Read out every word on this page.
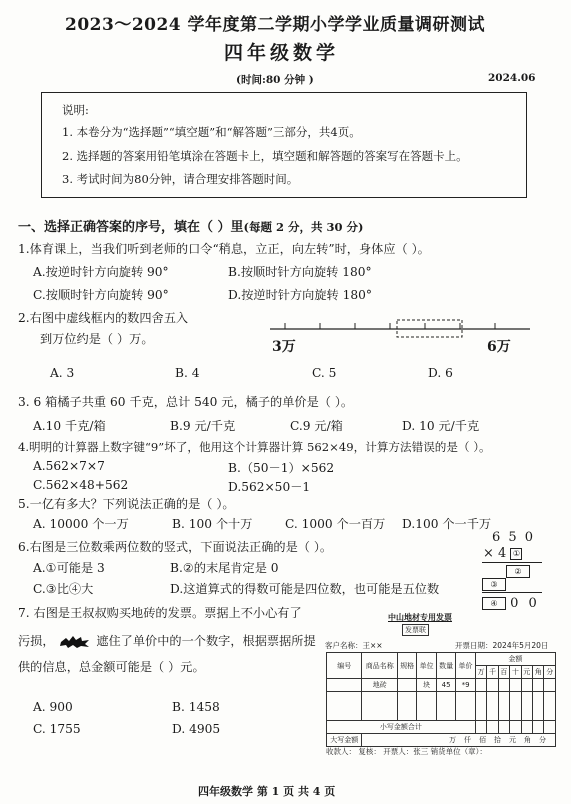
2023～2024 学年度第二学期小学学业质量调研测试
四年级数学
(时间:80 分钟 )	2024.06
说明:
1. 本卷分为“选择题”“填空题”和“解答题”三部分，共4页。
2. 选择题的答案用铅笔填涂在答题卡上，填空题和解答题的答案写在答题卡上。
3. 考试时间为80分钟，请合理安排答题时间。
一、选择正确答案的序号，填在（ ）里(每题 2 分，共 30 分)
1.体育课上，当我们听到老师的口令“稍息，立正，向左转”时，身体应（ ）。
A.按逆时针方向旋转 90°	B.按顺时针方向旋转 180°
C.按顺时针方向旋转 90°	D.按逆时针方向旋转 180°
2.右图中虚线框内的数四舍五入
到万位约是（ ）万。	3万	6万
A. 3	B. 4	C. 5	D. 6
3. 6 箱橘子共重 60 千克，总计 540 元，橘子的单价是（ ）。
A.10 千克/箱	B.9 元/千克	C.9 元/箱	D. 10 元/千克
4.明明的计算器上数字键“9”坏了，他用这个计算器计算 562×49，计算方法错误的是（ ）。
A.562×7×7	B.（50－1）×562
C.562×48+562	D.562×50－1
5.一亿有多大？下列说法正确的是（ ）。
A. 10000 个一万	B. 100 个十万	C. 1000 个一百万 D.100 个一千万
6.右图是三位数乘两位数的竖式，下面说法正确的是（ ）。
A.①可能是 3	B.②的末尾肯定是 0
C.③比④大	D.这道算式的得数可能是四位数，也可能是五位数
6 5 0
× 4 ①
②
③
④ 0 0
7. 右图是王叔叔购买地砖的发票。票据上不小心有了
污损，	遮住了单价中的一个数字，根据票据所提
供的信息，总金额可能是（ ）元。
A. 900	B. 1458
C. 1755	D. 4905
中山地材专用发票
发票联
客户名称：王××	开票日期：2024年5月20日
编号	商品名称	规格	单位	数量	单价	金额						
						万	千	百	十	元	角	分
	地砖		块	45	*9							

小写金额合计												
大写金额	万仟佰拾元角分											
收款人： 复核： 开票人：张三 销货单位（章）：
四年级数学 第 1 页 共 4 页
